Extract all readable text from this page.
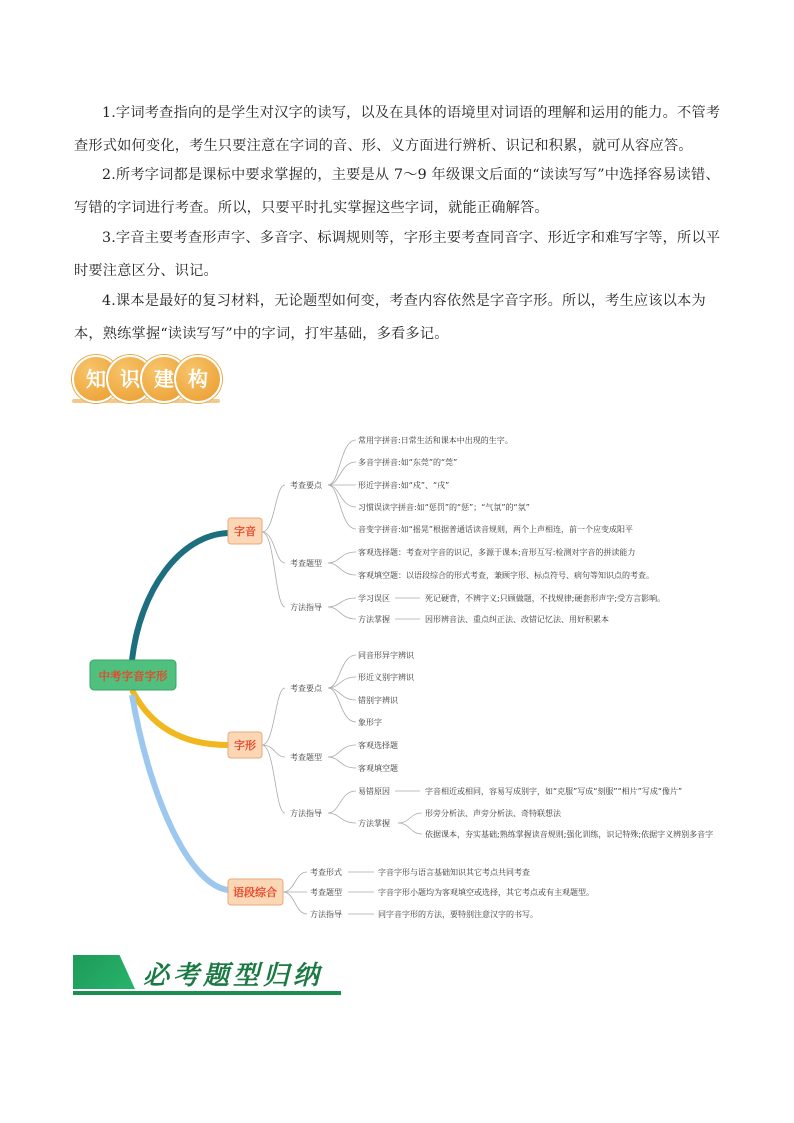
1.字词考查指向的是学生对汉字的读写，以及在具体的语境里对词语的理解和运用的能力。不管考查形式如何变化，考生只要注意在字词的音、形、义方面进行辨析、识记和积累，就可从容应答。
2.所考字词都是课标中要求掌握的，主要是从 7～9 年级课文后面的“读读写写”中选择容易读错、写错的字词进行考查。所以，只要平时扎实掌握这些字词，就能正确解答。
3.字音主要考查形声字、多音字、标调规则等，字形主要考查同音字、形近字和难写字等，所以平时要注意区分、识记。
4.课本是最好的复习材料，无论题型如何变，考查内容依然是字音字形。所以，考生应该以本为本，熟练掌握“读读写写”中的字词，打牢基础，多看多记。
知 识 建 构
中考字音字形
字音
考查要点
常用字拼音:日常生活和课本中出现的生字。
多音字拼音:如“东莞”的“莞”
形近字拼音:如“戍”、“戌”
习惯误读字拼音:如“惩罚”的“惩”；“气氛”的“氛”
音变字拼音:如“摇晃”根据普通话读音规则，两个上声相连，前一个应变成阳平
考查题型
客观选择题：考查对字音的识记，多源于课本;音形互写:检测对字音的拼读能力
客观填空题：以语段综合的形式考查，兼顾字形、标点符号、病句等知识点的考查。
方法指导
学习误区	死记硬背，不辨字义;只顾做题，不找规律;硬套形声字;受方言影响。
方法掌握	因形辨音法、重点纠正法、改错记忆法、用好积累本
字形
考查要点
同音形异字辨识
形近义别字辨识
错别字辨识
象形字
考查题型
客观选择题
客观填空题
方法指导
易错原因	字音相近或相同，容易写成别字，如“克服”写成“刻服”“相片”写成“像片”
方法掌握
形旁分析法、声旁分析法、奇特联想法
依据课本，夯实基础;熟练掌握读音规则;强化训练，识记特殊;依据字义辨别多音字
语段综合
考查形式	字音字形与语言基础知识其它考点共同考查
考查题型	字音字形小题均为客观填空或选择，其它考点或有主观题型。
方法指导	同字音字形的方法，要特别注意汉字的书写。
必考题型归纳
